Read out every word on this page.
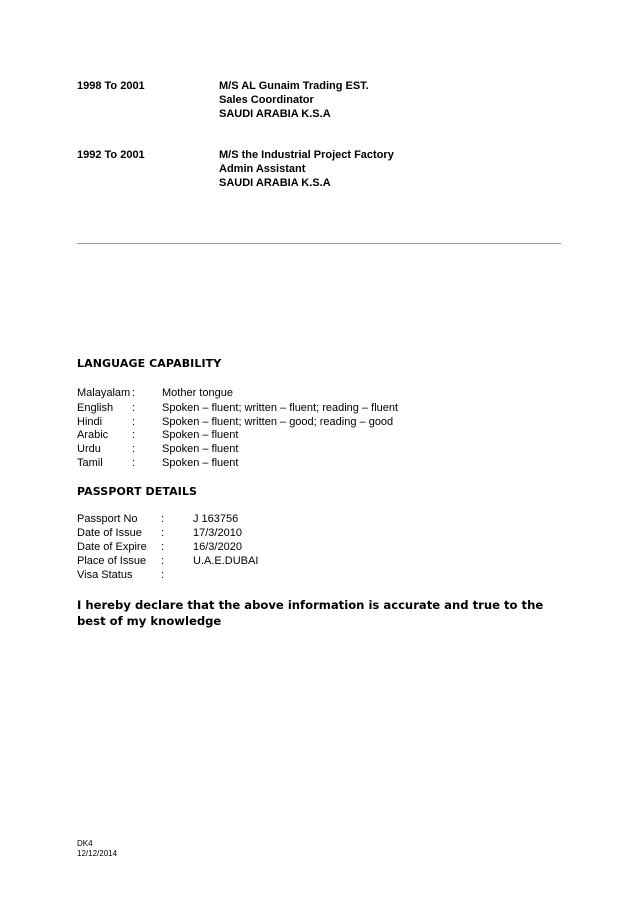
1998 To 2001	M/S AL Gunaim Trading EST.
Sales Coordinator
SAUDI ARABIA K.S.A
1992 To 2001	M/S the Industrial Project Factory
Admin Assistant
SAUDI ARABIA K.S.A
LANGUAGE CAPABILITY
Malayalam : Mother tongue
English : Spoken – fluent; written – fluent; reading – fluent
Hindi	: Spoken – fluent; written – good; reading – good
Arabic : Spoken – fluent
Urdu	: Spoken – fluent
Tamil	: Spoken – fluent
PASSPORT DETAILS
Passport No :	J 163756
Date of Issue :	17/3/2010
Date of Expire :	16/3/2020
Place of Issue :	U.A.E.DUBAI
Visa Status	:
I hereby declare that the above information is accurate and true to the best of my knowledge
DK4
12/12/2014
